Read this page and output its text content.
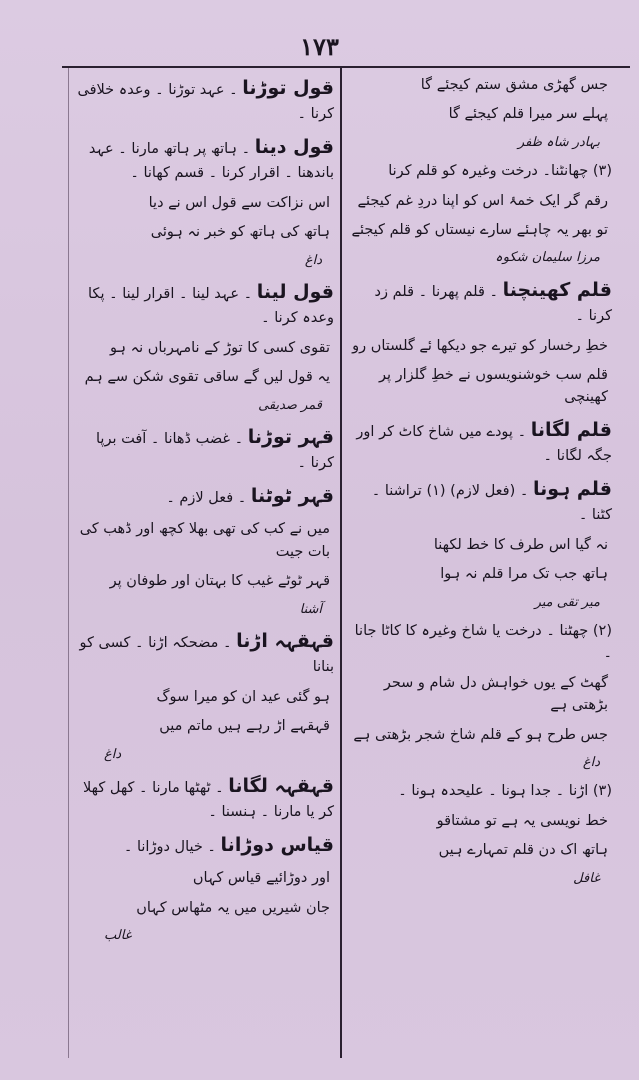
۱۷۳

جس گھڑی مشق ستم کیجئے گا

پہلے سر میرا قلم کیجئے گا

بہادر شاہ ظفر

(۳) چھانٹنا۔ درخت وغیرہ کو قلم کرنا

رقم گر ایک خمۂ اس کو اپنا دردِ غم کیجئے

تو بھر یہ چاہئے سارے نیستاں کو قلم کیجئے

مرزا سلیمان شکوہ

قلم کھینچنا ۔ قلم پھرنا ۔ قلم زد کرنا ۔

خطِ رخسار کو تیرے جو دیکھا ئے گلستاں رو

قلم سب خوشنویسوں نے خطِ گلزار پر کھینچی

قلم لگانا ۔ پودے میں شاخ کاٹ کر اور جگہ لگانا ۔

قلم ہونا ۔ (فعل لازم) (۱) تراشنا ۔ کٹنا ۔

نہ گیا اس طرف کا خط لکھنا

ہاتھ جب تک مرا قلم نہ ہوا

میر تقی میر

(۲) چھٹنا ۔ درخت یا شاخ وغیرہ کا کاٹا جانا ۔

گھٹ کے یوں خواہش دل شام و سحر بڑھتی ہے

جس طرح ہو کے قلم شاخ شجر بڑھتی ہے

داغ

(۳) اڑنا ۔ جدا ہونا ۔ علیحدہ ہونا ۔

خط نویسی یہ ہے تو مشتاقو

ہاتھ اک دن قلم تمہارے ہیں

غافل

قول توڑنا ۔ عہد توڑنا ۔ وعدہ خلافی کرنا ۔

قول دینا ۔ ہاتھ پر ہاتھ مارنا ۔ عہد باندھنا ۔ اقرار کرنا ۔ قسم کھانا ۔

اس نزاکت سے قول اس نے دیا

ہاتھ کی ہاتھ کو خبر نہ ہوئی

داغ

قول لینا ۔ عہد لینا ۔ اقرار لینا ۔ پکا وعدہ کرنا ۔

تقوی کسی کا توڑ کے نامہرباں نہ ہو

یہ قول لیں گے ساقی تقوی شکن سے ہم

قمر صدیقی

قہر توڑنا ۔ غضب ڈھانا ۔ آفت برپا کرنا ۔

قہر ٹوٹنا ۔ فعل لازم ۔

میں نے کب کی تھی بھلا کچھ اور ڈھب کی بات جیت

قہر ٹوٹے غیب کا بہتان اور طوفان پر

آشنا

قہقہہ اڑنا ۔ مضحکہ اڑنا ۔ کسی کو بنانا

ہو گئی عید ان کو میرا سوگ

قہقہے اڑ رہے ہیں ماتم میں

داغ

قہقہہ لگانا ۔ ٹھٹھا مارنا ۔ کھل کھلا کر یا مارنا ۔ ہنسنا ۔

قیاس دوڑانا ۔ خیال دوڑانا ۔

اور دوڑائیے قیاس کہاں

جان شیریں میں یہ مٹھاس کہاں

غالب
